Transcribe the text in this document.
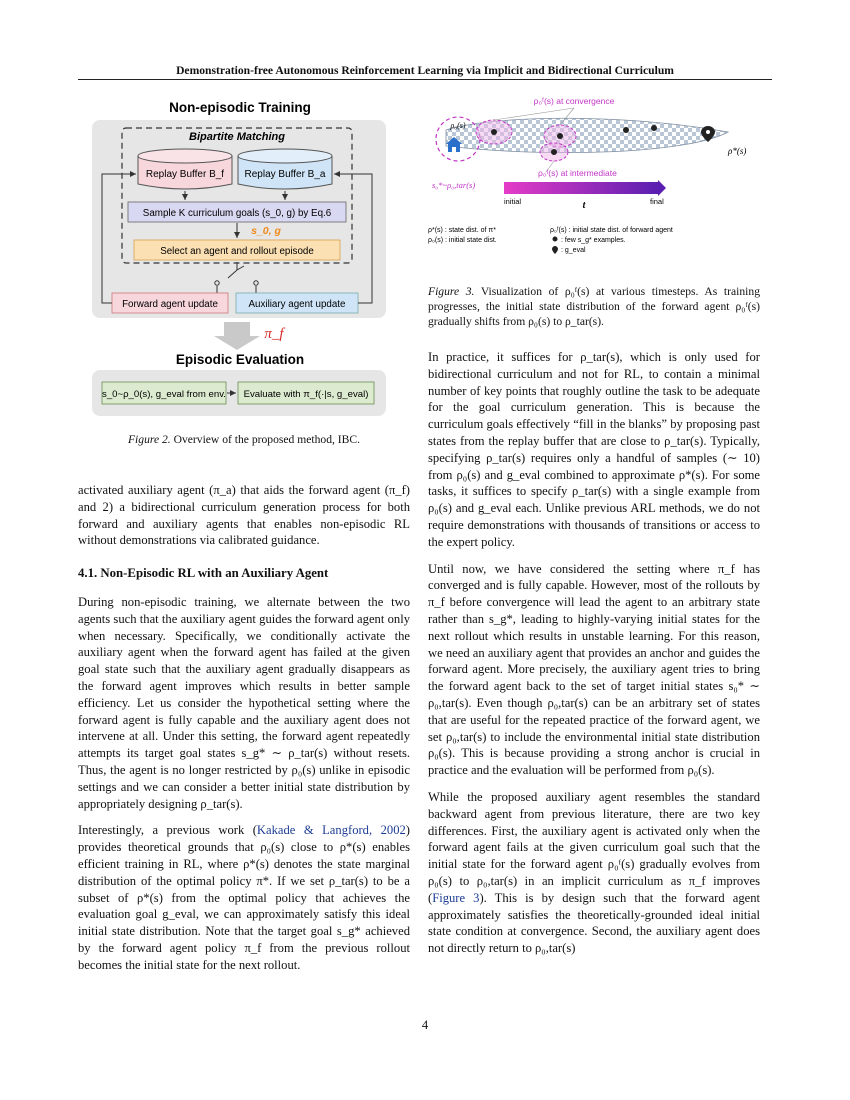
Demonstration-free Autonomous Reinforcement Learning via Implicit and Bidirectional Curriculum
Non-episodic Training
Bipartite Matching
Replay Buffer B_f Replay Buffer B_a
Sample K curriculum goals (s_0, g) by Eq.6
s_0, g
Select an agent and rollout episode
Forward agent update	Auxiliary agent update
π_f
Episodic Evaluation
s_0~ρ_0(s), g_eval from env. Evaluate with π_f(·|s, g_eval)
Figure 2. Overview of the proposed method, IBC.
ρ₀ᶠ(s) at convergence
ρ*(s)
ρ₀(s)
ρ₀ᶠ(s) at intermediate
s₀*~ρ₀,tar(s)
initial	t	final
ρ*(s) : state dist. of π*
ρ₀(s) : initial state dist.
ρ₀ᶠ(s) : initial state dist. of forward agent
: few s_g* examples.
: g_eval
Figure 3. Visualization of ρ₀ᶠ(s) at various timesteps. As training progresses, the initial state distribution of the forward agent ρ₀ᶠ(s) gradually shifts from ρ₀(s) to ρ_tar(s).

activated auxiliary agent (π_a) that aids the forward agent (π_f) and 2) a bidirectional curriculum generation process for both forward and auxiliary agents that enables non-episodic RL without demonstrations via calibrated guidance.

4.1. Non-Episodic RL with an Auxiliary Agent

During non-episodic training, we alternate between the two agents such that the auxiliary agent guides the forward agent only when necessary. Specifically, we conditionally activate the auxiliary agent when the forward agent has failed at the given goal state such that the auxiliary agent gradually disappears as the forward agent improves which results in better sample efficiency. Let us consider the hypothetical setting where the forward agent is fully capable and the auxiliary agent does not intervene at all. Under this setting, the forward agent repeatedly attempts its target goal states s_g* ∼ ρ_tar(s) without resets. Thus, the agent is no longer restricted by ρ₀(s) unlike in episodic settings and we can consider a better initial state distribution by appropriately designing ρ_tar(s).

Interestingly, a previous work (Kakade & Langford, 2002) provides theoretical grounds that ρ₀(s) close to ρ*(s) enables efficient training in RL, where ρ*(s) denotes the state marginal distribution of the optimal policy π*. If we set ρ_tar(s) to be a subset of ρ*(s) from the optimal policy that achieves the evaluation goal g_eval, we can approximately satisfy this ideal initial state distribution. Note that the target goal s_g* achieved by the forward agent policy π_f from the previous rollout becomes the initial state for the next rollout.

In practice, it suffices for ρ_tar(s), which is only used for bidirectional curriculum and not for RL, to contain a minimal number of key points that roughly outline the task to be adequate for the goal curriculum generation. This is because the curriculum goals effectively “fill in the blanks” by proposing past states from the replay buffer that are close to ρ_tar(s). Typically, specifying ρ_tar(s) requires only a handful of samples (∼ 10) from ρ₀(s) and g_eval combined to approximate ρ*(s). For some tasks, it suffices to specify ρ_tar(s) with a single example from ρ₀(s) and g_eval each. Unlike previous ARL methods, we do not require demonstrations with thousands of transitions or access to the expert policy.

Until now, we have considered the setting where π_f has converged and is fully capable. However, most of the rollouts by π_f before convergence will lead the agent to an arbitrary state rather than s_g*, leading to highly-varying initial states for the next rollout which results in unstable learning. For this reason, we need an auxiliary agent that provides an anchor and guides the forward agent. More precisely, the auxiliary agent tries to bring the forward agent back to the set of target initial states s₀* ∼ ρ₀,tar(s). Even though ρ₀,tar(s) can be an arbitrary set of states that are useful for the repeated practice of the forward agent, we set ρ₀,tar(s) to include the environmental initial state distribution ρ₀(s). This is because providing a strong anchor is crucial in practice and the evaluation will be performed from ρ₀(s).

While the proposed auxiliary agent resembles the standard backward agent from previous literature, there are two key differences. First, the auxiliary agent is activated only when the forward agent fails at the given curriculum goal such that the initial state for the forward agent ρ₀ᶠ(s) gradually evolves from ρ₀(s) to ρ₀,tar(s) in an implicit curriculum as π_f improves (Figure 3). This is by design such that the forward agent approximately satisfies the theoretically-grounded ideal initial state condition at convergence. Second, the auxiliary agent does not directly return to ρ₀,tar(s)

4
